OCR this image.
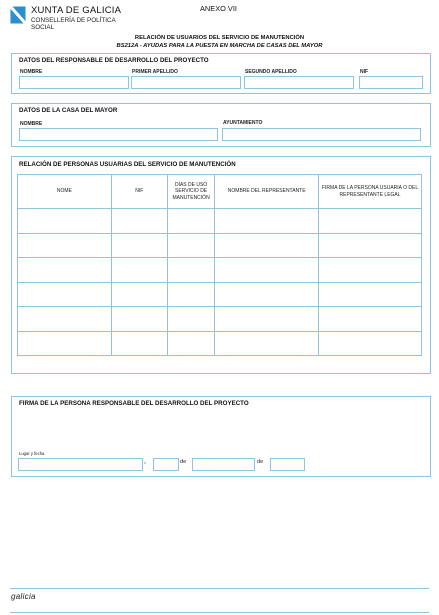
XUNTA DE GALICIA
CONSELLERÍA DE POLÍTICA
SOCIAL
ANEXO VII
RELACIÓN DE USUARIOS DEL SERVICIO DE MANUTENCIÓN
BS212A - AYUDAS PARA LA PUESTA EN MARCHA DE CASAS DEL MAYOR
DATOS DEL RESPONSABLE DE DESARROLLO DEL PROYECTO
NOMBRE	PRIMER APELLIDO	SEGUNDO APELLIDO	NIF
DATOS DE LA CASA DEL MAYOR
NOMBRE	AYUNTAMIENTO
RELACIÓN DE PERSONAS USUARIAS DEL SERVICIO DE MANUTENCIÓN
NOME	NIF	DÍAS DE USO SERVICIO DE MANUTENCIÓN	NOMBRE DEL REPRESENTANTE	FIRMA DE LA PERSONA USUARIA O DEL REPRESENTANTE LEGAL

FIRMA DE LA PERSONA RESPONSABLE DEL DESARROLLO DEL PROYECTO
Lugar y fecha
,	de	de
galicia
